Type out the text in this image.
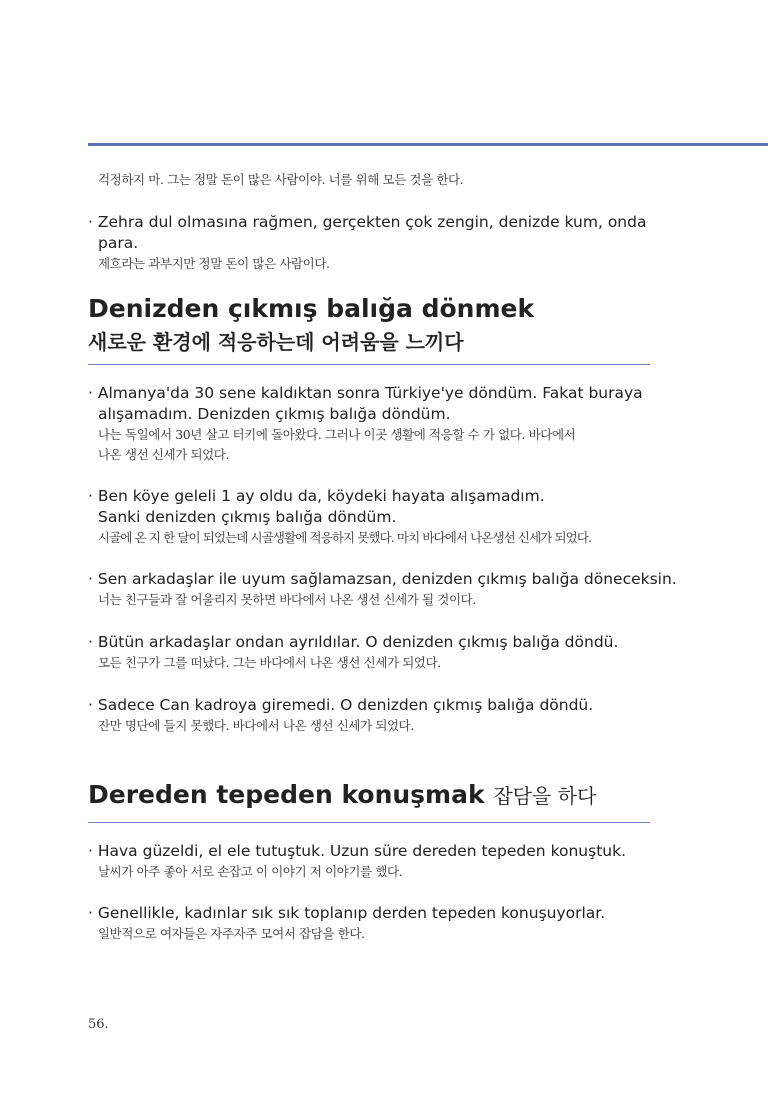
걱정하지 마. 그는 정말 돈이 많은 사람이야. 너를 위해 모든 것을 한다.
· Zehra dul olmasına rağmen, gerçekten çok zengin, denizde kum, onda para.
제흐라는 과부지만 정말 돈이 많은 사람이다.
Denizden çıkmış balığa dönmek
새로운 환경에 적응하는데 어려움을 느끼다
· Almanya'da 30 sene kaldıktan sonra Türkiye'ye döndüm. Fakat buraya alışamadım. Denizden çıkmış balığa döndüm.
나는 독일에서 30년 살고 터키에 돌아왔다. 그러나 이곳 생활에 적응할 수 가 없다. 바다에서 나온 생선 신세가 되었다.
· Ben köye geleli 1 ay oldu da, köydeki hayata alışamadım. Sanki denizden çıkmış balığa döndüm.
시골에 온 지 한 달이 되었는데 시골생활에 적응하지 못했다. 마치 바다에서 나온생선 신세가 되었다.
· Sen arkadaşlar ile uyum sağlamazsan, denizden çıkmış balığa döneceksin.
너는 친구들과 잘 어울리지 못하면 바다에서 나온 생선 신세가 될 것이다.
· Bütün arkadaşlar ondan ayrıldılar. O denizden çıkmış balığa döndü.
모든 친구가 그를 떠났다. 그는 바다에서 나온 생선 신세가 되었다.
· Sadece Can kadroya giremedi. O denizden çıkmış balığa döndü.
잔만 명단에 들지 못했다. 바다에서 나온 생선 신세가 되었다.
Dereden tepeden konuşmak 잡담을 하다
· Hava güzeldi, el ele tutuştuk. Uzun süre dereden tepeden konuştuk.
날씨가 아주 좋아 서로 손잡고 이 이야기 저 이야기를 했다.
· Genellikle, kadınlar sık sık toplanıp derden tepeden konuşuyorlar.
일반적으로 여자들은 자주자주 모여서 잡담을 한다.
56.
